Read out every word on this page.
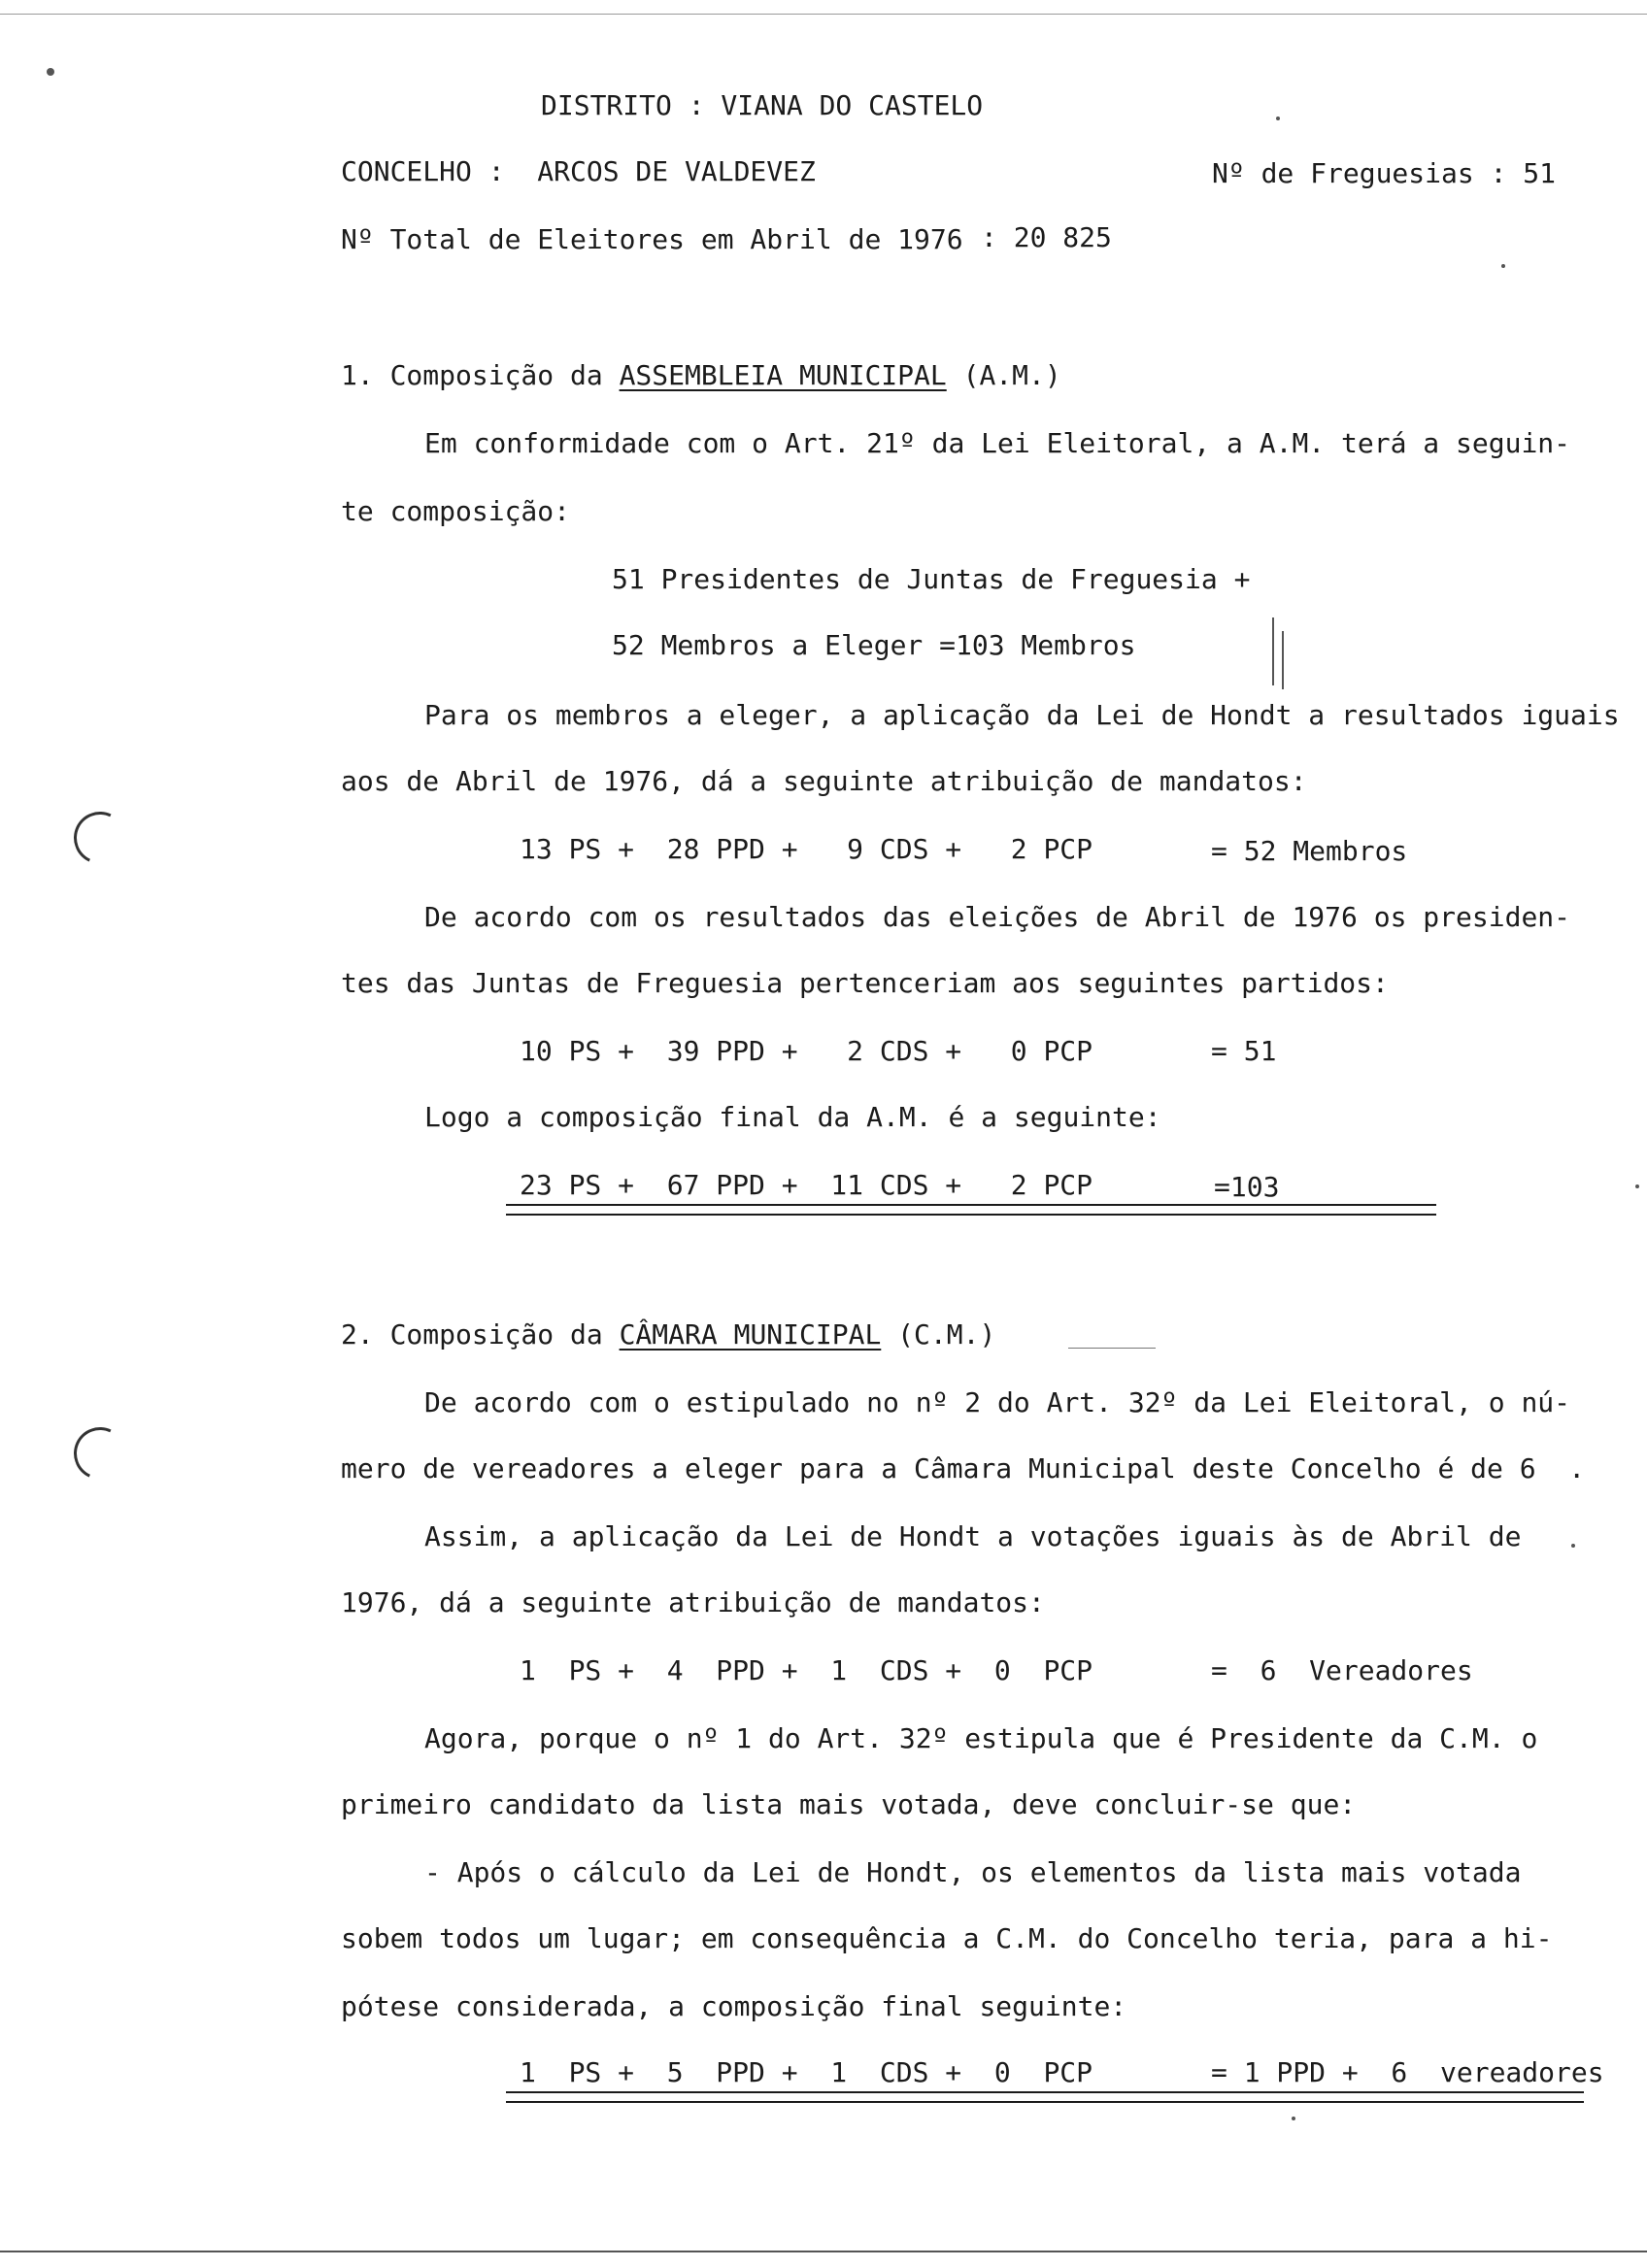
DISTRITO : VIANA DO CASTELO
CONCELHO :  ARCOS DE VALDEVEZ	Nº de Freguesias : 51
Nº Total de Eleitores em Abril de 1976 : 20 825
1. Composição da ASSEMBLEIA MUNICIPAL (A.M.)
Em conformidade com o Art. 21º da Lei Eleitoral, a A.M. terá a seguin-
te composição:
51 Presidentes de Juntas de Freguesia +
52 Membros a Eleger =103 Membros
Para os membros a eleger, a aplicação da Lei de Hondt a resultados iguais
aos de Abril de 1976, dá a seguinte atribuição de mandatos:
13 PS +  28 PPD +   9 CDS +   2 PCP	= 52 Membros
De acordo com os resultados das eleições de Abril de 1976 os presiden-
tes das Juntas de Freguesia pertenceriam aos seguintes partidos:
10 PS +  39 PPD +   2 CDS +   0 PCP	= 51
Logo a composição final da A.M. é a seguinte:
23 PS +  67 PPD +  11 CDS +   2 PCP	=103
2. Composição da CÂMARA MUNICIPAL (C.M.)
De acordo com o estipulado no nº 2 do Art. 32º da Lei Eleitoral, o nú-
mero de vereadores a eleger para a Câmara Municipal deste Concelho é de 6  .
Assim, a aplicação da Lei de Hondt a votações iguais às de Abril de
1976, dá a seguinte atribuição de mandatos:
1  PS +  4  PPD +  1  CDS +  0  PCP	=  6  Vereadores
Agora, porque o nº 1 do Art. 32º estipula que é Presidente da C.M. o
primeiro candidato da lista mais votada, deve concluir-se que:
- Após o cálculo da Lei de Hondt, os elementos da lista mais votada
sobem todos um lugar; em consequência a C.M. do Concelho teria, para a hi-
pótese considerada, a composição final seguinte:
1  PS +  5  PPD +  1  CDS +  0  PCP	= 1 PPD +  6  vereadores
